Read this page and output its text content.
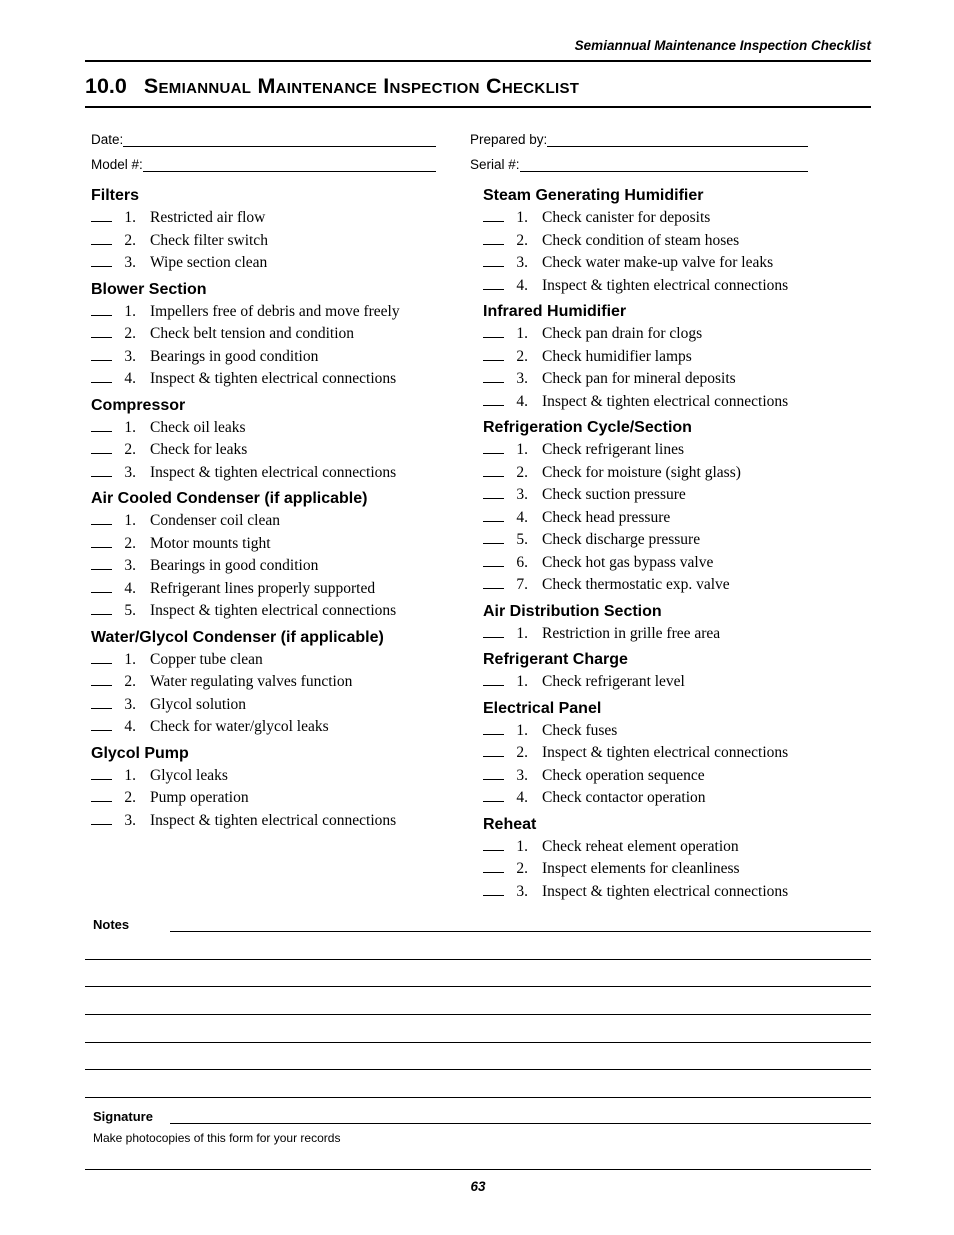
Semiannual Maintenance Inspection Checklist
10.0 Semiannual Maintenance Inspection Checklist
Date:	Prepared by:
Model #:	Serial #:
Filters
1. Restricted air flow
2. Check filter switch
3. Wipe section clean
Blower Section
1. Impellers free of debris and move freely
2. Check belt tension and condition
3. Bearings in good condition
4. Inspect & tighten electrical connections
Compressor
1. Check oil leaks
2. Check for leaks
3. Inspect & tighten electrical connections
Air Cooled Condenser (if applicable)
1. Condenser coil clean
2. Motor mounts tight
3. Bearings in good condition
4. Refrigerant lines properly supported
5. Inspect & tighten electrical connections
Water/Glycol Condenser (if applicable)
1. Copper tube clean
2. Water regulating valves function
3. Glycol solution
4. Check for water/glycol leaks
Glycol Pump
1. Glycol leaks
2. Pump operation
3. Inspect & tighten electrical connections
Steam Generating Humidifier
1. Check canister for deposits
2. Check condition of steam hoses
3. Check water make-up valve for leaks
4. Inspect & tighten electrical connections
Infrared Humidifier
1. Check pan drain for clogs
2. Check humidifier lamps
3. Check pan for mineral deposits
4. Inspect & tighten electrical connections
Refrigeration Cycle/Section
1. Check refrigerant lines
2. Check for moisture (sight glass)
3. Check suction pressure
4. Check head pressure
5. Check discharge pressure
6. Check hot gas bypass valve
7. Check thermostatic exp. valve
Air Distribution Section
1. Restriction in grille free area
Refrigerant Charge
1. Check refrigerant level
Electrical Panel
1. Check fuses
2. Inspect & tighten electrical connections
3. Check operation sequence
4. Check contactor operation
Reheat
1. Check reheat element operation
2. Inspect elements for cleanliness
3. Inspect & tighten electrical connections
Notes
Signature
Make photocopies of this form for your records
63
